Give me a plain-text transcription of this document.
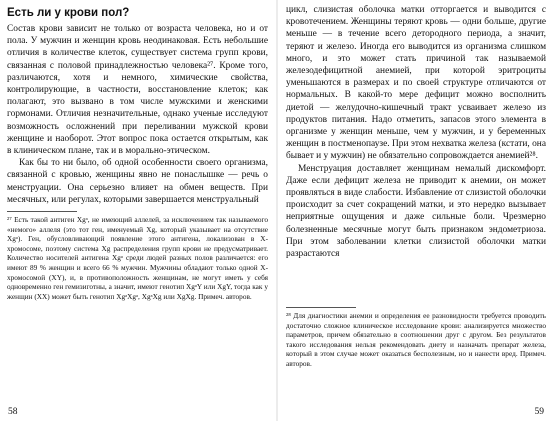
Есть ли у крови пол?

Состав крови зависит не только от возраста человека, но и от пола. У мужчин и женщин кровь неодинаковая. Есть небольшие отличия в количестве клеток, существует система групп крови, связанная с половой принадлежностью человека²⁷. Кроме того, различаются, хотя и немного, химические свойства, контролирующие, в частности, восстановление клеток; как полагают, это вызвано в том числе мужскими и женскими гормонами. Отличия незначительные, однако ученые исследуют возможность осложнений при переливании мужской крови женщине и наоборот. Этот вопрос пока остается открытым, как в клиническом плане, так и в морально-этическом.

Как бы то ни было, об одной особенности своего организма, связанной с кровью, женщины явно не понаслышке — речь о менструации. Она серьезно влияет на обмен веществ. При месячных, или регулах, которыми завершается менструальный

²⁷ Есть такой антиген Xgᵃ, не имеющий аллелей, за исключением так называемого «немого» аллеля (это тот ген, именуемый Xg, который указывает на отсутствие Xgᵃ). Ген, обусловливающий появление этого антигена, локализован в X-хромосоме, поэтому система Xg распределения групп крови не предусматривает. Количество носителей антигена Xgᵃ среди людей разных полов различается: его имеют 89 % женщин и всего 66 % мужчин. Мужчины обладают только одной X-хромосомой (XY), и, в противоположность женщинам, не могут иметь у себя одновременно ген гемизиготны, а значит, имеют генотип XgᵃY или XgY, тогда как у женщин (XX) может быть генотип XgᵃXgᵃ, XgᵃXg или XgXg. Примеч. авторов.

58

цикл, слизистая оболочка матки отторгается и выводится с кровотечением. Женщины теряют кровь — одни больше, другие меньше — в течение всего детородного периода, а значит, теряют и железо. Иногда его выводится из организма слишком много, и это может стать причиной так называемой железодефицитной анемией, при которой эритроциты уменьшаются в размерах и по своей структуре отличаются от нормальных. В какой-то мере дефицит можно восполнить диетой — желудочно-кишечный тракт усваивает железо из продуктов питания. Надо отметить, запасов этого элемента в организме у женщин меньше, чем у мужчин, и у беременных женщин в постменопаузе. При этом нехватка железа (кстати, она бывает и у мужчин) не обязательно сопровождается анемией²⁸.

Менструация доставляет женщинам немалый дискомфорт. Даже если дефицит железа не приводит к анемии, он может проявляться в виде слабости. Избавление от слизистой оболочки происходит за счет сокращений матки, и это нередко вызывает неприятные ощущения и даже сильные боли. Чрезмерно болезненные месячные могут быть признаком эндометриоза. При этом заболевании клетки слизистой оболочки матки разрастаются

²⁸ Для диагностики анемии и определения ее разновидности требуется проводить достаточно сложное клиническое исследование крови: анализируется множество параметров, причем обязательно в соотношении друг с другом. Без результатов такого исследования нельзя рекомендовать диету и назначать препарат железа, который в этом случае может оказаться бесполезным, но и нанести вред. Примеч. авторов.

59
